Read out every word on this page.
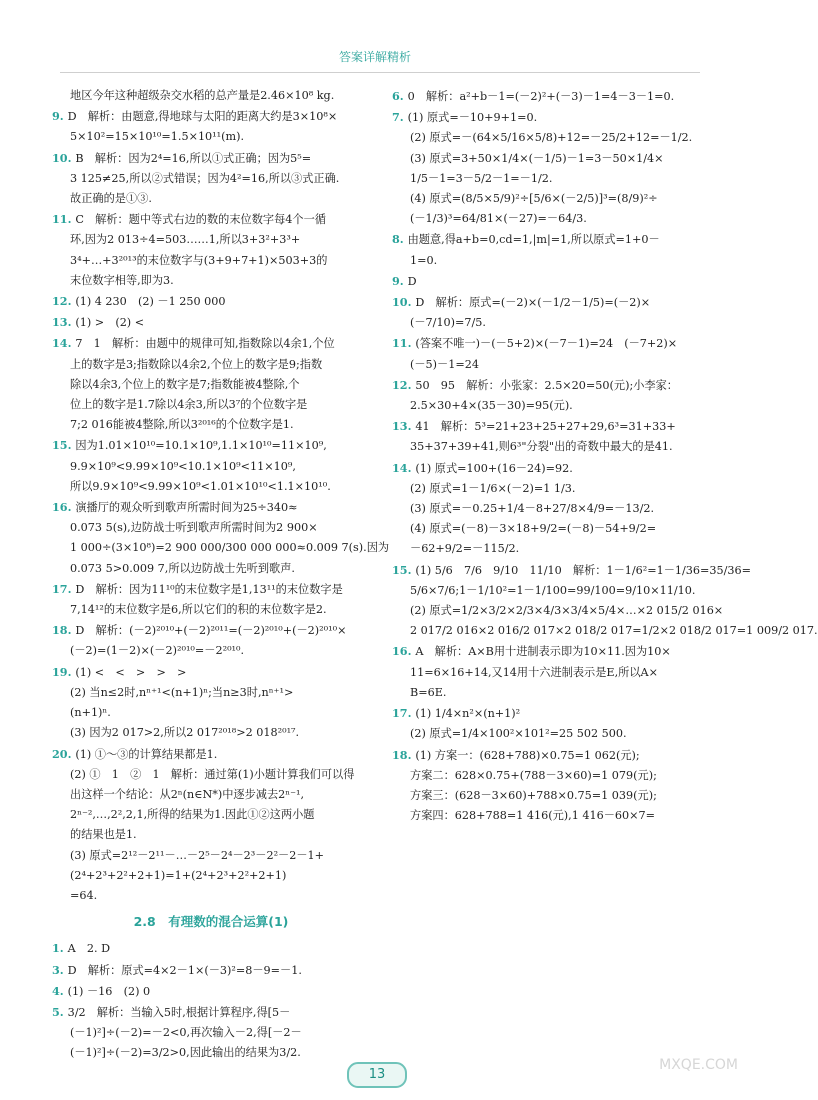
答案详解精析
地区今年这种超级杂交水稻的总产量是2.46×10⁸ kg.
9. D　解析：由题意,得地球与太阳的距离大约是3×10⁸×
5×10²=15×10¹⁰=1.5×10¹¹(m).
10. B　解析：因为2⁴=16,所以①式正确；因为5⁵=
3 125≠25,所以②式错误；因为4²=16,所以③式正确.
故正确的是①③.
11. C　解析：题中等式右边的数的末位数字每4个一循
环,因为2 013÷4=503……1,所以3+3²+3³+
3⁴+…+3²⁰¹³的末位数字与(3+9+7+1)×503+3的
末位数字相等,即为3.
12. (1) 4 230　(2) －1 250 000
13. (1) >　(2) <
14. 7　1　解析：由题中的规律可知,指数除以4余1,个位
上的数字是3;指数除以4余2,个位上的数字是9;指数
除以4余3,个位上的数字是7;指数能被4整除,个
位上的数字是1.7除以4余3,所以3⁷的个位数字是
7;2 016能被4整除,所以3²⁰¹⁶的个位数字是1.
15. 因为1.01×10¹⁰=10.1×10⁹,1.1×10¹⁰=11×10⁹,
9.9×10⁹<9.99×10⁹<10.1×10⁹<11×10⁹,
所以9.9×10⁹<9.99×10⁹<1.01×10¹⁰<1.1×10¹⁰.
16. 演播厅的观众听到歌声所需时间为25÷340≈
0.073 5(s),边防战士听到歌声所需时间为2 900×
1 000÷(3×10⁸)=2 900 000/300 000 000≈0.009 7(s).因为
0.073 5>0.009 7,所以边防战士先听到歌声.
17. D　解析：因为11¹⁰的末位数字是1,13¹¹的末位数字是
7,14¹²的末位数字是6,所以它们的积的末位数字是2.
18. D　解析：(－2)²⁰¹⁰+(－2)²⁰¹¹=(－2)²⁰¹⁰+(－2)²⁰¹⁰×
(－2)=(1－2)×(－2)²⁰¹⁰=－2²⁰¹⁰.
19. (1) <　<　>　>　>
(2) 当n≤2时,nⁿ⁺¹<(n+1)ⁿ;当n≥3时,nⁿ⁺¹>
(n+1)ⁿ.
(3) 因为2 017>2,所以2 017²⁰¹⁸>2 018²⁰¹⁷.
20. (1) ①～③的计算结果都是1.
(2) ①　1　②　1　解析：通过第(1)小题计算我们可以得
出这样一个结论：从2ⁿ(n∈N*)中逐步减去2ⁿ⁻¹,
2ⁿ⁻²,…,2²,2,1,所得的结果为1.因此①②这两小题
的结果也是1.
(3) 原式=2¹²－2¹¹－…－2⁵－2⁴－2³－2²－2－1+
(2⁴+2³+2²+2+1)=1+(2⁴+2³+2²+2+1)
=64.
2.8　有理数的混合运算(1)
1. A　2. D
3. D　解析：原式=4×2－1×(－3)²=8－9=－1.
4. (1) －16　(2) 0
5. 3/2　解析：当输入5时,根据计算程序,得[5－
(－1)²]÷(－2)=－2<0,再次输入－2,得[－2－
(－1)²]÷(－2)=3/2>0,因此输出的结果为3/2.
6. 0　解析：a²+b－1=(－2)²+(－3)－1=4－3－1=0.
7. (1) 原式=－10+9+1=0.
(2) 原式=－(64×5/16×5/8)+12=－25/2+12=－1/2.
(3) 原式=3+50×1/4×(－1/5)－1=3－50×1/4×
1/5－1=3－5/2－1=－1/2.
(4) 原式=(8/5×5/9)²÷[5/6×(－2/5)]³=(8/9)²÷
(－1/3)³=64/81×(－27)=－64/3.
8. 由题意,得a+b=0,cd=1,|m|=1,所以原式=1+0－
1=0.
9. D
10. D　解析：原式=(－2)×(－1/2－1/5)=(－2)×
(－7/10)=7/5.
11. (答案不唯一)－(－5+2)×(－7－1)=24　(－7+2)×
(－5)－1=24
12. 50　95　解析：小张家：2.5×20=50(元);小李家：
2.5×30+4×(35－30)=95(元).
13. 41　解析：5³=21+23+25+27+29,6³=31+33+
35+37+39+41,则6³"分裂"出的奇数中最大的是41.
14. (1) 原式=100+(16－24)=92.
(2) 原式=1－1/6×(－2)=1 1/3.
(3) 原式=－0.25+1/4－8+27/8×4/9=－13/2.
(4) 原式=(－8)－3×18+9/2=(－8)－54+9/2=
－62+9/2=－115/2.
15. (1) 5/6　7/6　9/10　11/10　解析：1－1/6²=1－1/36=35/36=
5/6×7/6;1－1/10²=1－1/100=99/100=9/10×11/10.
(2) 原式=1/2×3/2×2/3×4/3×3/4×5/4×…×2 015/2 016×
2 017/2 016×2 016/2 017×2 018/2 017=1/2×2 018/2 017=1 009/2 017.
16. A　解析：A×B用十进制表示即为10×11.因为10×
11=6×16+14,又14用十六进制表示是E,所以A×
B=6E.
17. (1) 1/4×n²×(n+1)²
(2) 原式=1/4×100²×101²=25 502 500.
18. (1) 方案一：(628+788)×0.75=1 062(元);
方案二：628×0.75+(788－3×60)=1 079(元);
方案三：(628－3×60)+788×0.75=1 039(元);
方案四：628+788=1 416(元),1 416－60×7=
13
MXQE.COM
